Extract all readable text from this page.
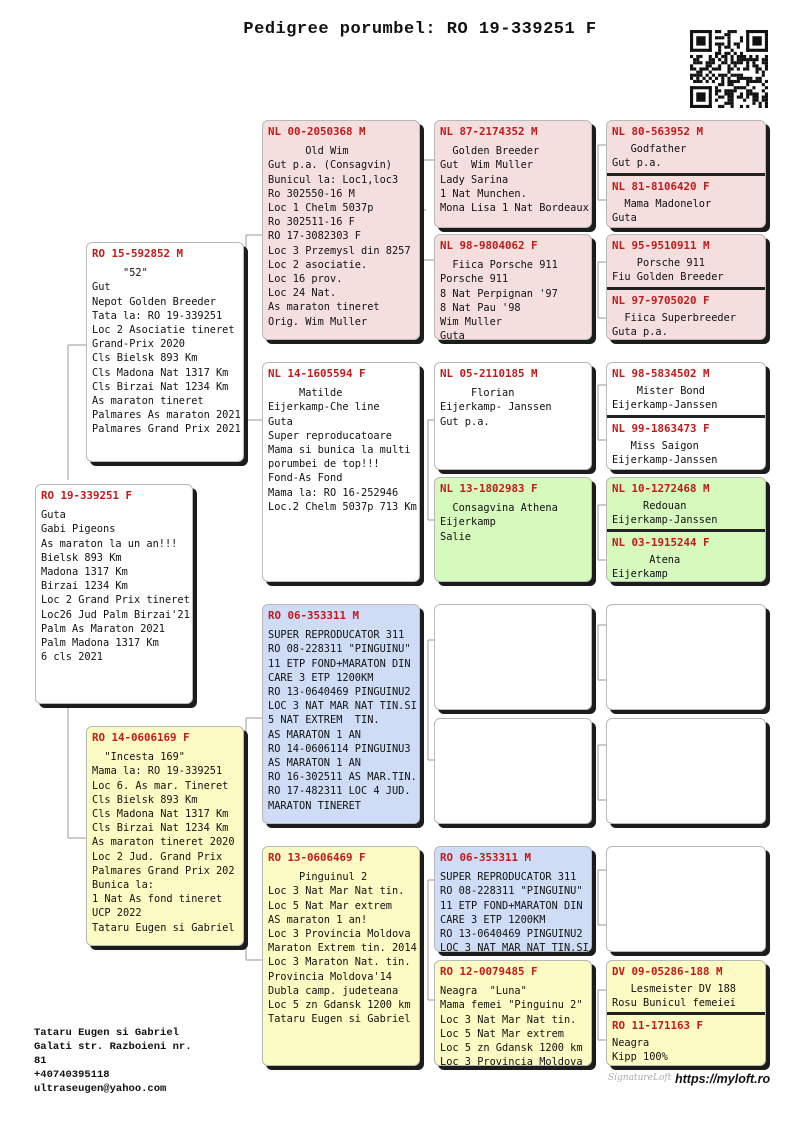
Pedigree porumbel: RO 19-339251 F
RO 19-339251 F
Guta
Gabi Pigeons
As maraton la un an!!!
Bielsk 893 Km
Madona 1317 Km
Birzai 1234 Km
Loc 2 Grand Prix tineret
Loc26 Jud Palm Birzai'21
Palm As Maraton 2021
Palm Madona 1317 Km
6 cls 2021
RO 15-592852 M
"52"
Gut
Nepot Golden Breeder
Tata la: RO 19-339251
Loc 2 Asociatie tineret
Grand-Prix 2020
Cls Bielsk 893 Km
Cls Madona Nat 1317 Km
Cls Birzai Nat 1234 Km
As maraton tineret
Palmares As maraton 2021
Palmares Grand Prix 2021
RO 14-0606169 F
"Incesta 169"
Mama la: RO 19-339251
Loc 6. As mar. Tineret
Cls Bielsk 893 Km
Cls Madona Nat 1317 Km
Cls Birzai Nat 1234 Km
As maraton tineret 2020
Loc 2 Jud. Grand Prix
Palmares Grand Prix 202
Bunica la:
1 Nat As fond tineret
UCP 2022
Tataru Eugen si Gabriel
NL 00-2050368 M
Old Wim
Gut p.a. (Consagvin)
Bunicul la: Loc1,loc3
Ro 302550-16 M
Loc 1 Chelm 5037p
Ro 302511-16 F
RO 17-3082303 F
Loc 3 Przemysl din 8257
Loc 2 asociatie.
Loc 16 prov.
Loc 24 Nat.
As maraton tineret
Orig. Wim Muller
NL 14-1605594 F
Matilde
Eijerkamp-Che line
Guta
Super reproducatoare
Mama si bunica la multi
porumbei de top!!!
Fond-As Fond
Mama la: RO 16-252946
Loc.2 Chelm 5037p 713 Km
RO 06-353311 M
SUPER REPRODUCATOR 311
RO 08-228311 "PINGUINU"
11 ETP FOND+MARATON DIN
CARE 3 ETP 1200KM
RO 13-0640469 PINGUINU2
LOC 3 NAT MAR NAT TIN.SI
5 NAT EXTREM  TIN.
AS MARATON 1 AN
RO 14-0606114 PINGUINU3
AS MARATON 1 AN
RO 16-302511 AS MAR.TIN.
RO 17-482311 LOC 4 JUD.
MARATON TINERET
RO 13-0606469 F
Pinguinul 2
Loc 3 Nat Mar Nat tin.
Loc 5 Nat Mar extrem
AS maraton 1 an!
Loc 3 Provincia Moldova
Maraton Extrem tin. 2014
Loc 3 Maraton Nat. tin.
Provincia Moldova'14
Dubla camp. judeteana
Loc 5 zn Gdansk 1200 km
Tataru Eugen si Gabriel
NL 87-2174352 M
Golden Breeder
Gut  Wim Muller
Lady Sarina
1 Nat Munchen.
Mona Lisa 1 Nat Bordeaux
NL 98-9804062 F
Fiica Porsche 911
Porsche 911
8 Nat Perpignan '97
8 Nat Pau '98
Wim Muller
Guta
NL 05-2110185 M
Florian
Eijerkamp- Janssen
Gut p.a.
NL 13-1802983 F
Consagvina Athena
Eijerkamp
Salie
RO 06-353311 M
SUPER REPRODUCATOR 311
RO 08-228311 "PINGUINU"
11 ETP FOND+MARATON DIN
CARE 3 ETP 1200KM
RO 13-0640469 PINGUINU2
LOC 3 NAT MAR NAT TIN.SI
RO 12-0079485 F
Neagra  "Luna"
Mama femei "Pinguinu 2"
Loc 3 Nat Mar Nat tin.
Loc 5 Nat Mar extrem
Loc 5 zn Gdansk 1200 km
Loc 3 Provincia Moldova
NL 80-563952 M
Godfather
Gut p.a.
NL 81-8106420 F
Mama Madonelor
Guta
NL 95-9510911 M
Porsche 911
Fiu Golden Breeder
NL 97-9705020 F
Fiica Superbreeder
Guta p.a.
NL 98-5834502 M
Mister Bond
Eijerkamp-Janssen
NL 99-1863473 F
Miss Saigon
Eijerkamp-Janssen
NL 10-1272468 M
Redouan
Eijerkamp-Janssen
NL 03-1915244 F
Atena
Eijerkamp
DV 09-05286-188 M
Lesmeister DV 188
Rosu Bunicul femeiei
RO 11-171163 F
Neagra
Kipp 100%
Tataru Eugen si Gabriel
Galati str. Razboieni nr.
81
+40740395118
ultraseugen@yahoo.com
SignatureLoft https://myloft.ro
